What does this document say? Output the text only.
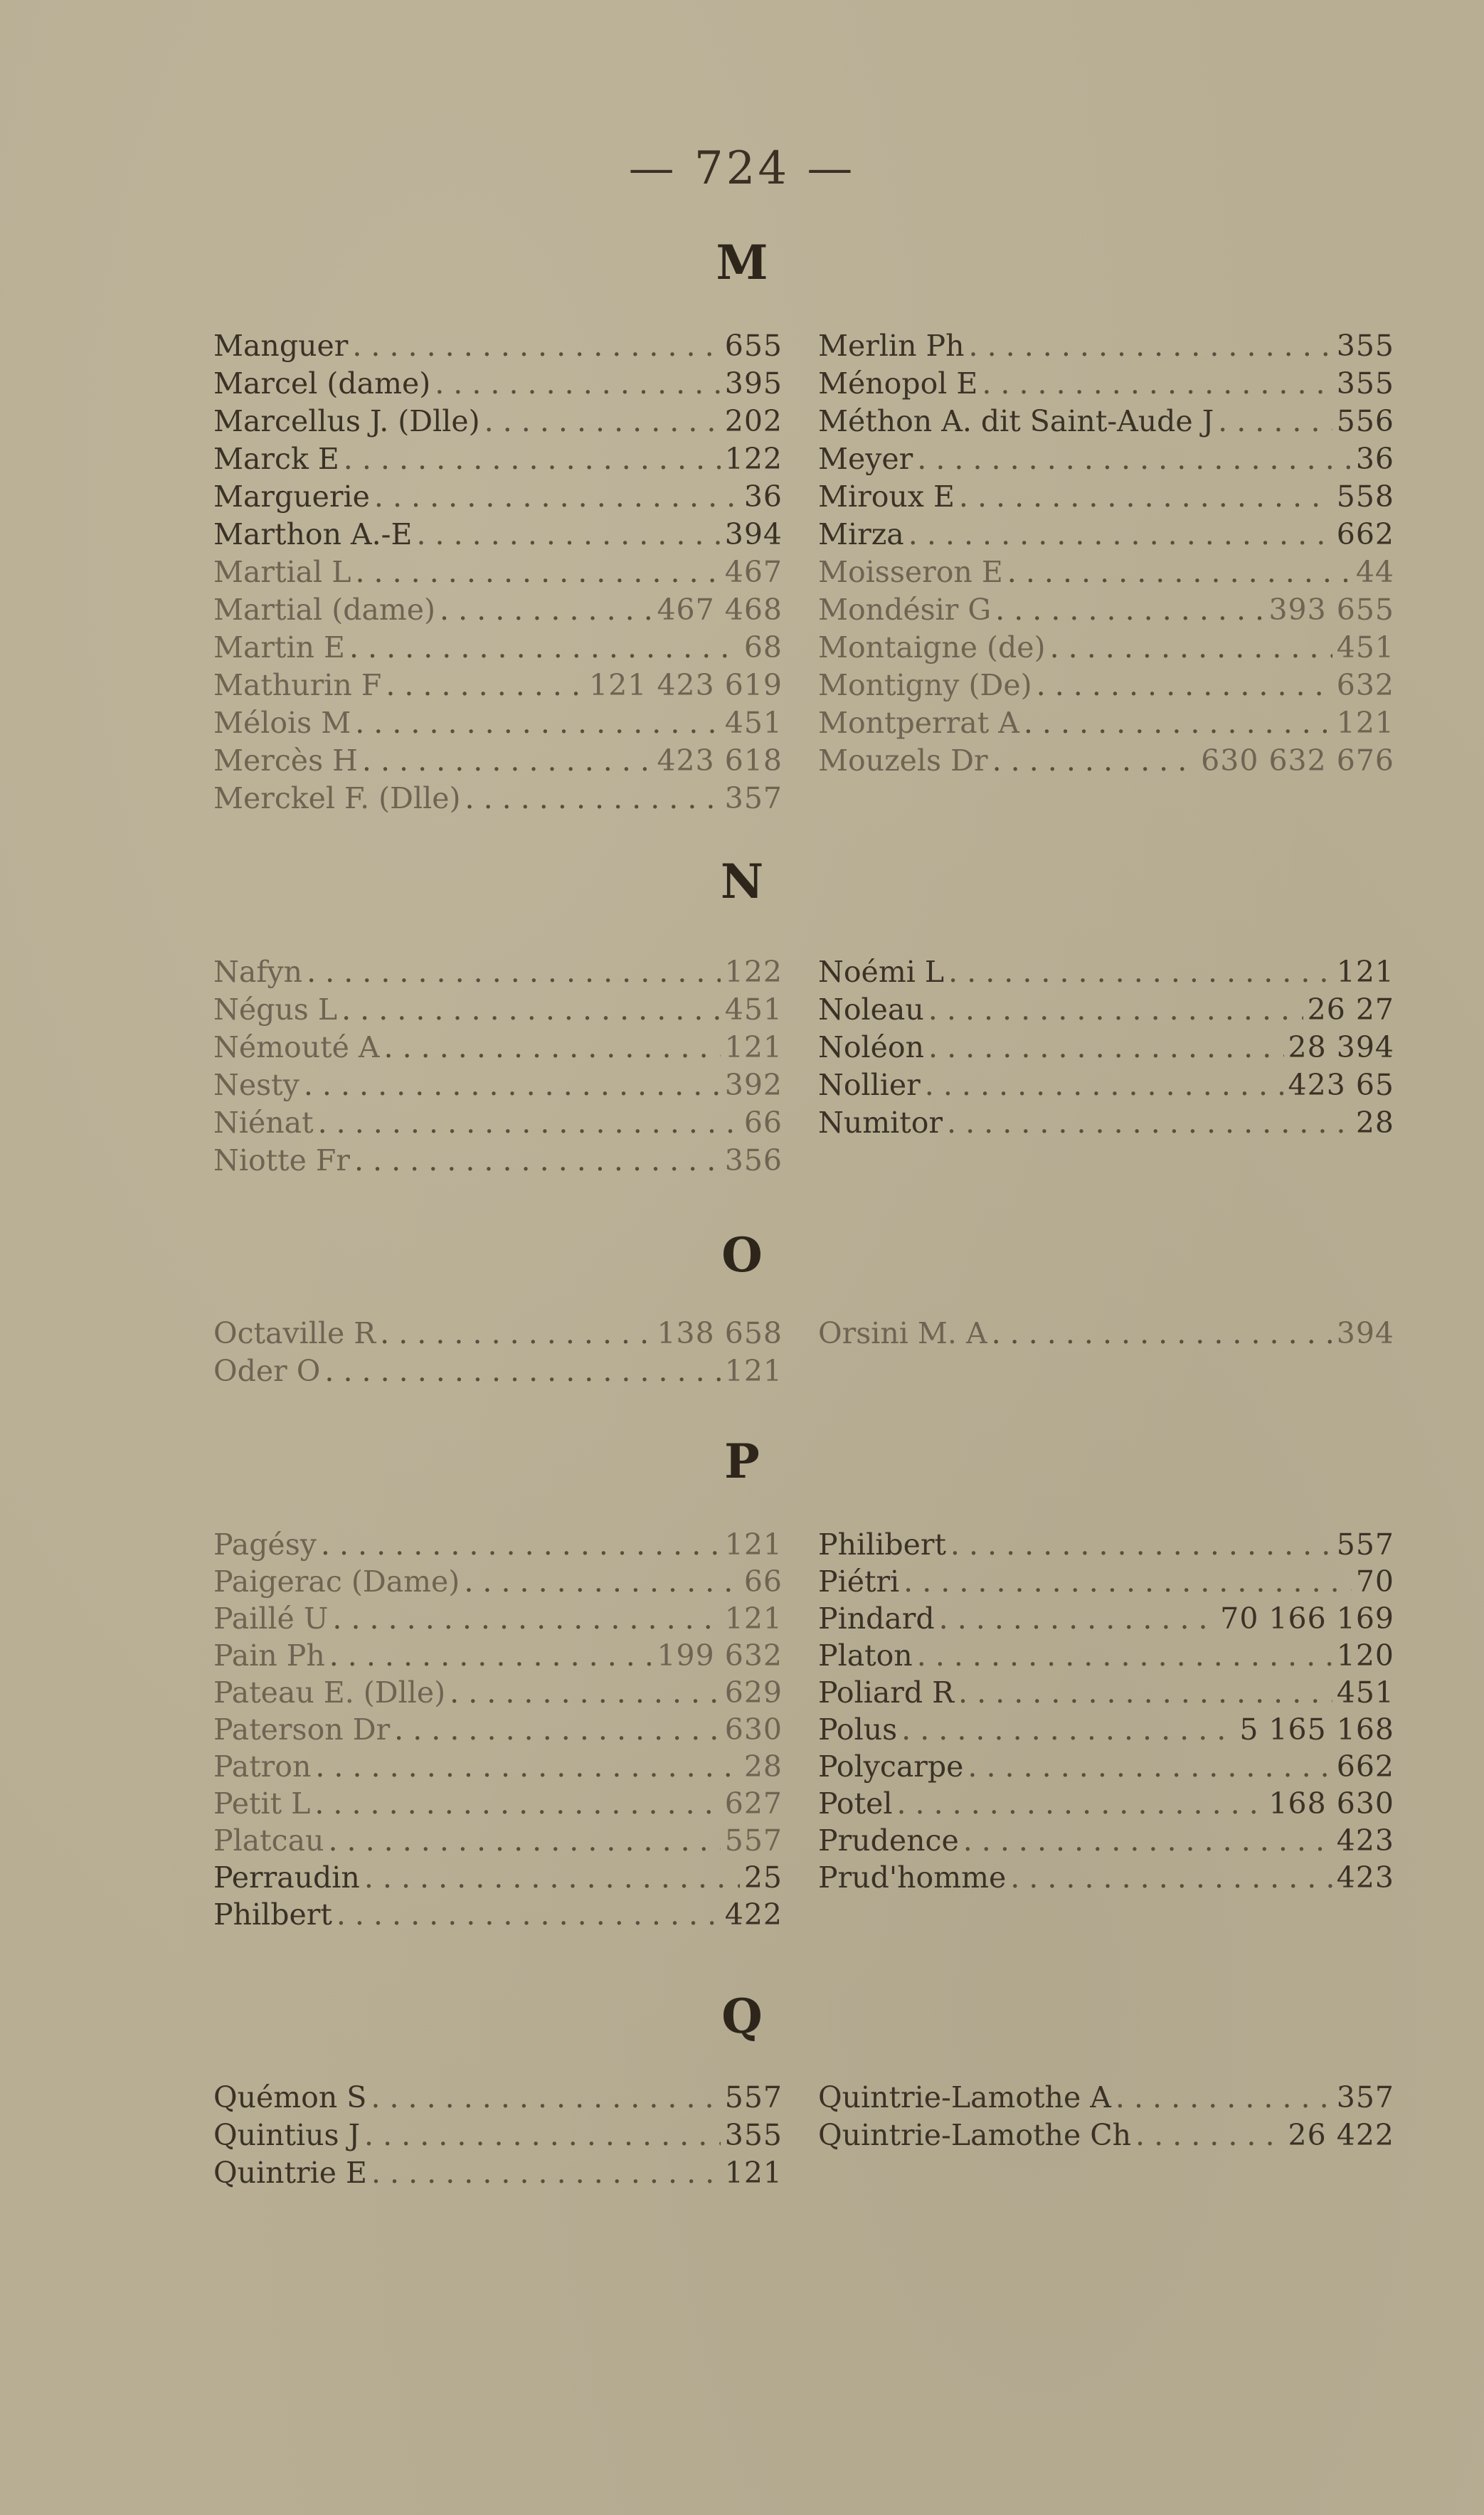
— 724 —
M
Manguer . . .	655
Marcel (dame) . . .	395
Marcellus J. (Dlle) . . .	202
Marck E . . .	122
Marguerie . . .	36
Marthon A.-E . . .	394
Martial L . . .	467
Martial (dame) . . .	467 468
Martin E . . .	68
Mathurin F . . .	121 423 619
Mélois M . . .	451
Mercès H . . .	423 618
Merckel F. (Dlle) . . .	357
Merlin Ph . . .	355
Ménopol E . . .	355
Méthon A. dit Saint-Aude J . . .	556
Meyer . . .	36
Miroux E . . .	558
Mirza . . .	662
Moisseron E . . .	44
Mondésir G . . .	393 655
Montaigne (de) . . .	451
Montigny (De) . . .	632
Montperrat A . . .	121
Mouzels Dr . . .	630 632 676
N
Nafyn . . .	122
Négus L . . .	451
Némouté A . . .	121
Nesty . . .	392
Niénat . . .	66
Niotte Fr . . .	356
Noémi L . . .	121
Noleau . . .	26 27
Noléon . . .	28 394
Nollier . . .	423 65
Numitor . . .	28
O
Octaville R . . .	138 658
Oder O . . .	121
Orsini M. A . . .	394
P
Pagésy . . .	121
Paigerac (Dame) . . .	66
Paillé U . . .	121
Pain Ph . . .	199 632
Pateau E. (Dlle) . . .	629
Paterson Dr . . .	630
Patron . . .	28
Petit L . . .	627
Platcau . . .	557
Perraudin . . .	25
Philbert . . .	422
Philibert . . .	557
Piétri . . .	70
Pindard . . .	70 166 169
Platon . . .	120
Poliard R . . .	451
Polus . . .	5 165 168
Polycarpe . . .	662
Potel . . .	168 630
Prudence . . .	423
Prud'homme . . .	423
Q
Quémon S . . .	557
Quintius J . . .	355
Quintrie E . . .	121
Quintrie-Lamothe A . . .	357
Quintrie-Lamothe Ch . . .	26 422
